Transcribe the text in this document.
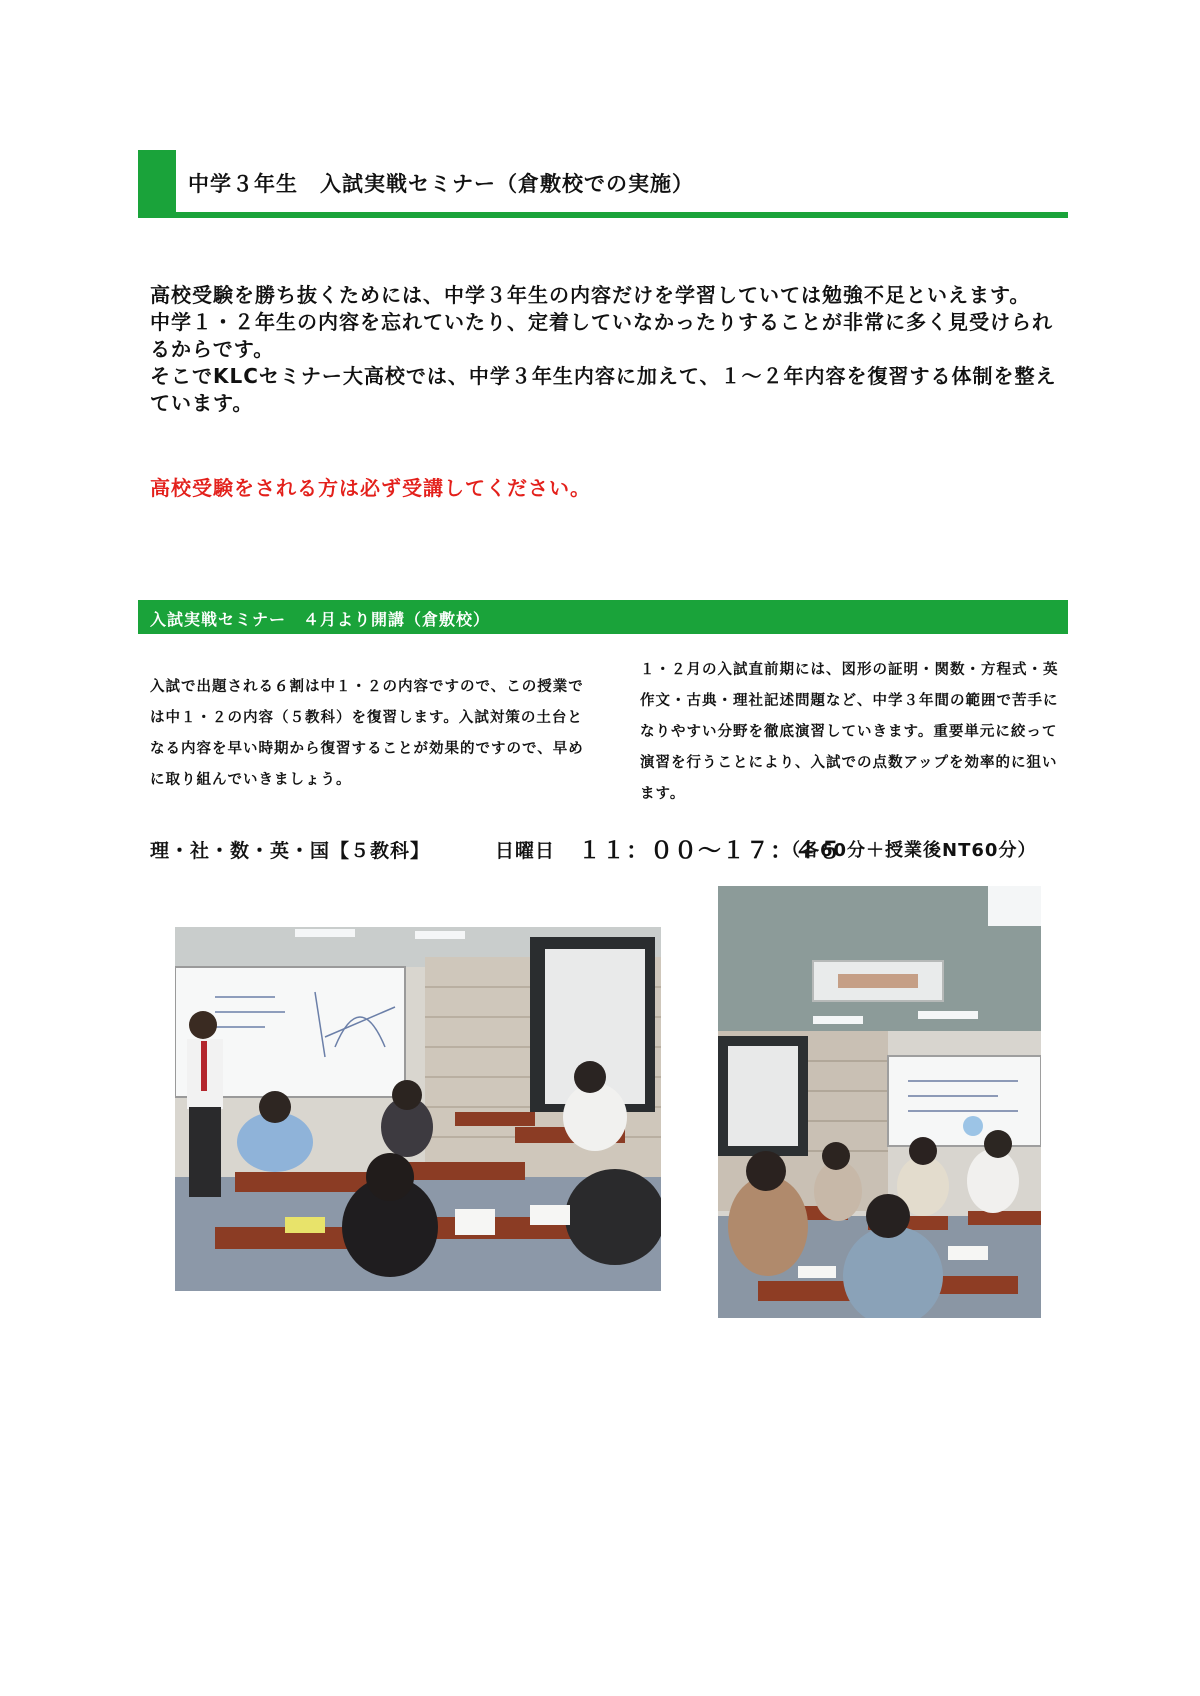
中学３年生　入試実戦セミナー（倉敷校での実施）

高校受験を勝ち抜くためには、中学３年生の内容だけを学習していては勉強不足といえます。

中学１・２年生の内容を忘れていたり、定着していなかったりすることが非常に多く見受けられるからです。

そこでKLCセミナー大高校では、中学３年生内容に加えて、１～２年内容を復習する体制を整えています。

高校受験をされる方は必ず受講してください。
入試実戦セミナー　４月より開講（倉敷校）

入試で出題される６割は中１・２の内容ですので、この授業では中１・２の内容（５教科）を復習します。入試対策の土台となる内容を早い時期から復習することが効果的ですので、早めに取り組んでいきましょう。

１・２月の入試直前期には、図形の証明・関数・方程式・英作文・古典・理社記述問題など、中学３年間の範囲で苦手になりやすい分野を徹底演習していきます。重要単元に絞って演習を行うことにより、入試での点数アップを効率的に狙います。

理・社・数・英・国【５教科】	日曜日 １１：００～１７：４５
（各60分＋授業後NT60分）
